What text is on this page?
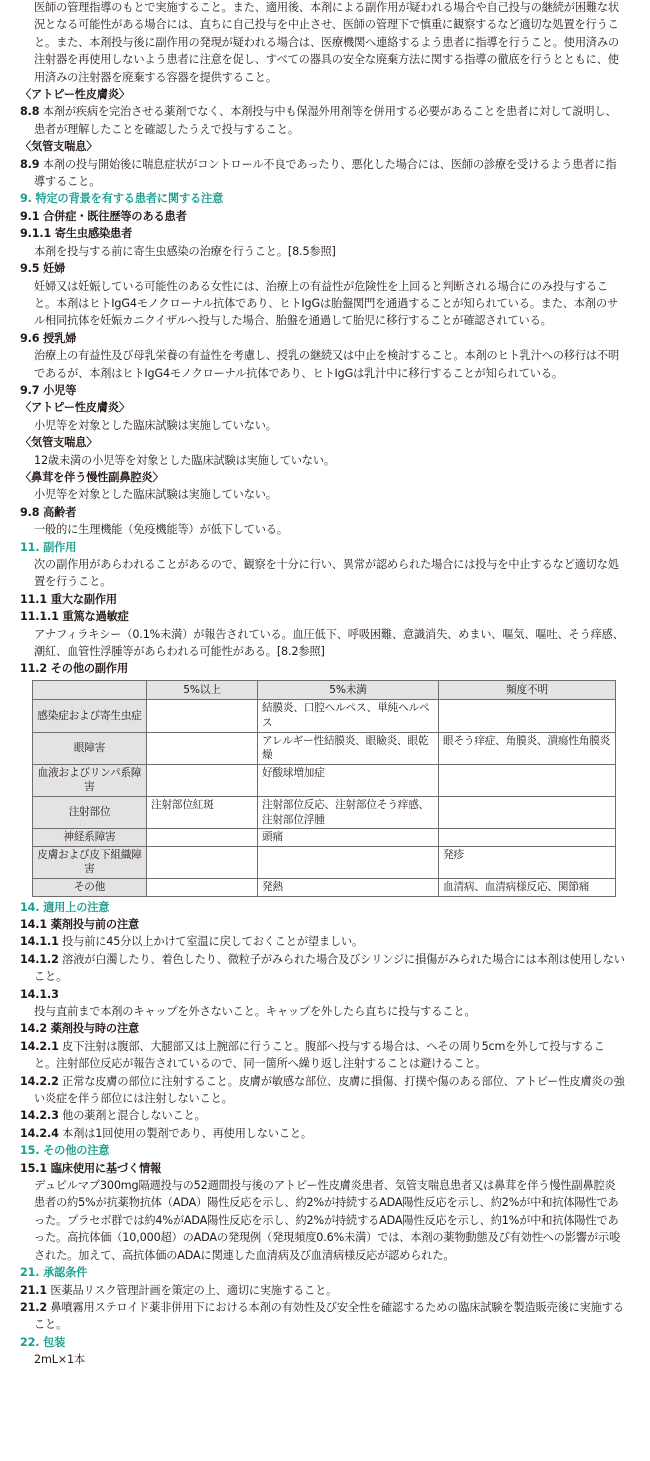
医師の管理指導のもとで実施すること。また、適用後、本剤による副作用が疑われる場合や自己投与の継続が困難な状況となる可能性がある場合には、直ちに自己投与を中止させ、医師の管理下で慎重に観察するなど適切な処置を行うこと。また、本剤投与後に副作用の発現が疑われる場合は、医療機関へ連絡するよう患者に指導を行うこと。使用済みの注射器を再使用しないよう患者に注意を促し、すべての器具の安全な廃棄方法に関する指導の徹底を行うとともに、使用済みの注射器を廃棄する容器を提供すること。

〈アトピー性皮膚炎〉

8.8 本剤が疾病を完治させる薬剤でなく、本剤投与中も保湿外用剤等を併用する必要があることを患者に対して説明し、患者が理解したことを確認したうえで投与すること。

〈気管支喘息〉

8.9 本剤の投与開始後に喘息症状がコントロール不良であったり、悪化した場合には、医師の診療を受けるよう患者に指導すること。

9. 特定の背景を有する患者に関する注意

9.1 合併症・既往歴等のある患者

9.1.1 寄生虫感染患者

本剤を投与する前に寄生虫感染の治療を行うこと。[8.5参照]

9.5 妊婦

妊婦又は妊娠している可能性のある女性には、治療上の有益性が危険性を上回ると判断される場合にのみ投与すること。本剤はヒトIgG4モノクローナル抗体であり、ヒトIgGは胎盤関門を通過することが知られている。また、本剤のサル相同抗体を妊娠カニクイザルへ投与した場合、胎盤を通過して胎児に移行することが確認されている。

9.6 授乳婦

治療上の有益性及び母乳栄養の有益性を考慮し、授乳の継続又は中止を検討すること。本剤のヒト乳汁への移行は不明であるが、本剤はヒトIgG4モノクローナル抗体であり、ヒトIgGは乳汁中に移行することが知られている。

9.7 小児等

〈アトピー性皮膚炎〉

小児等を対象とした臨床試験は実施していない。

〈気管支喘息〉

12歳未満の小児等を対象とした臨床試験は実施していない。

〈鼻茸を伴う慢性副鼻腔炎〉

小児等を対象とした臨床試験は実施していない。

9.8 高齢者

一般的に生理機能（免疫機能等）が低下している。

11. 副作用

次の副作用があらわれることがあるので、観察を十分に行い、異常が認められた場合には投与を中止するなど適切な処置を行うこと。

11.1 重大な副作用

11.1.1 重篤な過敏症

アナフィラキシー（0.1%未満）が報告されている。血圧低下、呼吸困難、意識消失、めまい、嘔気、嘔吐、そう痒感、潮紅、血管性浮腫等があらわれる可能性がある。[8.2参照]

11.2 その他の副作用

	5%以上	5%未満	頻度不明
感染症および寄生虫症		結膜炎、口腔ヘルペス、単純ヘルペス	
眼障害		アレルギー性結膜炎、眼瞼炎、眼乾燥	眼そう痒症、角膜炎、潰瘍性角膜炎
血液およびリンパ系障害		好酸球増加症	
注射部位	注射部位紅斑	注射部位反応、注射部位そう痒感、注射部位浮腫	
神経系障害		頭痛	
皮膚および皮下組織障害			発疹
その他		発熱	血清病、血清病様反応、関節痛

14. 適用上の注意

14.1 薬剤投与前の注意

14.1.1 投与前に45分以上かけて室温に戻しておくことが望ましい。

14.1.2 溶液が白濁したり、着色したり、微粒子がみられた場合及びシリンジに損傷がみられた場合には本剤は使用しないこと。

14.1.3

投与直前まで本剤のキャップを外さないこと。キャップを外したら直ちに投与すること。

14.2 薬剤投与時の注意

14.2.1 皮下注射は腹部、大腿部又は上腕部に行うこと。腹部へ投与する場合は、へその周り5cmを外して投与すること。注射部位反応が報告されているので、同一箇所へ繰り返し注射することは避けること。

14.2.2 正常な皮膚の部位に注射すること。皮膚が敏感な部位、皮膚に損傷、打撲や傷のある部位、アトピー性皮膚炎の強い炎症を伴う部位には注射しないこと。

14.2.3 他の薬剤と混合しないこと。

14.2.4 本剤は1回使用の製剤であり、再使用しないこと。

15. その他の注意

15.1 臨床使用に基づく情報

デュピルマブ300mg隔週投与の52週間投与後のアトピー性皮膚炎患者、気管支喘息患者又は鼻茸を伴う慢性副鼻腔炎患者の約5%が抗薬物抗体（ADA）陽性反応を示し、約2%が持続するADA陽性反応を示し、約2%が中和抗体陽性であった。プラセボ群では約4%がADA陽性反応を示し、約2%が持続するADA陽性反応を示し、約1%が中和抗体陽性であった。高抗体価（10,000超）のADAの発現例（発現頻度0.6%未満）では、本剤の薬物動態及び有効性への影響が示唆された。加えて、高抗体価のADAに関連した血清病及び血清病様反応が認められた。

21. 承認条件

21.1 医薬品リスク管理計画を策定の上、適切に実施すること。

21.2 鼻噴霧用ステロイド薬非併用下における本剤の有効性及び安全性を確認するための臨床試験を製造販売後に実施すること。

22. 包装

2mL×1本
